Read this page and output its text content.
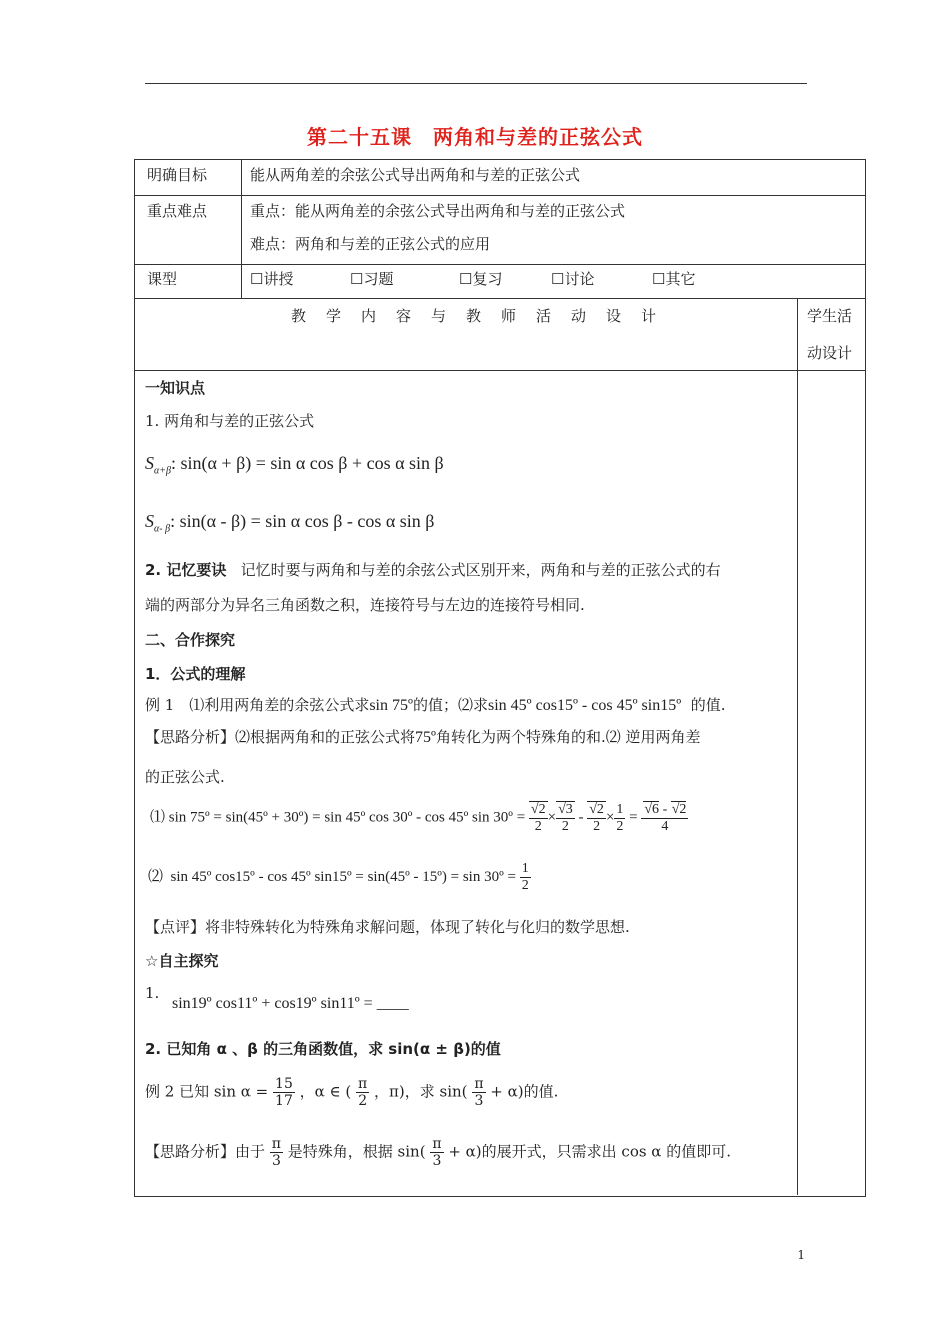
第二十五课　两角和与差的正弦公式
明确目标	能从两角差的余弦公式导出两角和与差的正弦公式
重点难点	重点：能从两角差的余弦公式导出两角和与差的正弦公式
难点：两角和与差的正弦公式的应用
课型	☐讲授	☐习题	☐复习	☐讨论	☐其它
教学内容与教师活动设计	学生活
动设计
一知识点
1. 两角和与差的正弦公式
$S_{\alpha+\beta}$: sin(α + β) = sin α cos β + cos α sin β
$S_{\alpha- \beta}$: sin(α - β) = sin α cos β - cos α sin β
2. 记忆要诀 记忆时要与两角和与差的余弦公式区别开来，两角和与差的正弦公式的右
端的两部分为异名三角函数之积，连接符号与左边的连接符号相同.
二、合作探究
1．公式的理解
例 1　⑴利用两角差的余弦公式求sin 75º的值；⑵求sin 45º cos15º - cos 45º sin15º 的值.
【思路分析】⑵根据两角和的正弦公式将75º角转化为两个特殊角的和.⑵ 逆用两角差
的正弦公式.
⑴ sin 75º = sin(45º + 30º) = sin 45º cos 30º - cos 45º sin 30º = $\frac{√2}{2} \times \frac{√3}{2} - \frac{√2}{2} \times \frac{1}{2} = \frac{√6 - √2}{4}$
⑵ sin 45º cos15º - cos 45º sin15º = sin(45º - 15º) = sin 30º = $\frac{1}{2}$
【点评】将非特殊转化为特殊角求解问题，体现了转化与化归的数学思想.
☆自主探究
1.
sin19º cos11º + cos19º sin11º = ____
2. 已知角 α 、β 的三角函数值，求 sin(α ± β)的值
例 2 已知 $\sin \alpha = \frac{15}{17}$ ，α ∈ ( $\frac{\pi}{2}$ ，π)，求 $\sin( \frac{\pi}{3} + \alpha)$的值.
【思路分析】由于 $\frac{\pi}{3}$ 是特殊角，根据 $\sin( \frac{\pi}{3} + \alpha)$的展开式，只需求出 cos α 的值即可.
1
